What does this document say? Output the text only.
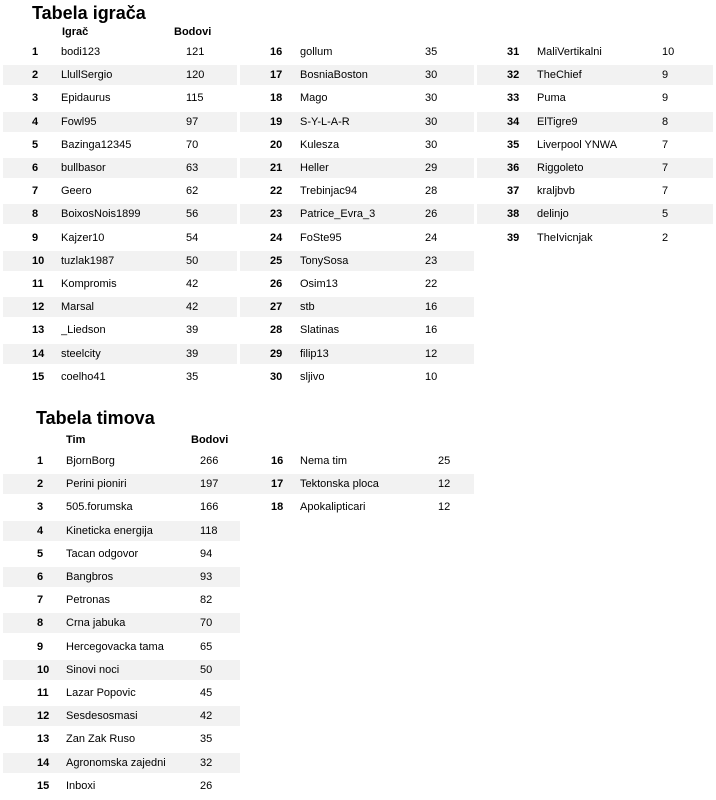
Tabela igrača
Igrač	Bodovi
1 bodi123	121
2 LlullSergio	120
3 Epidaurus	115
4 Fowl95	97
5 Bazinga12345	70
6 bullbasor	63
7 Geero	62
8 BoixosNois1899	56
9 Kajzer10	54
10 tuzlak1987	50
11 Kompromis	42
12 Marsal	42
13 _Liedson	39
14 steelcity	39
15 coelho41	35
16 gollum	35
17 BosniaBoston	30
18 Mago	30
19 S-Y-L-A-R	30
20 Kulesza	30
21 Heller	29
22 Trebinjac94	28
23 Patrice_Evra_3	26
24 FoSte95	24
25 TonySosa	23
26 Osim13	22
27 stb	16
28 Slatinas	16
29 filip13	12
30 sljivo	10
31 MaliVertikalni	10
32 TheChief	9
33 Puma	9
34 ElTigre9	8
35 Liverpool YNWA	7
36 Riggoleto	7
37 kraljbvb	7
38 delinjo	5
39 TheIvicnjak	2
Tabela timova
Tim	Bodovi
1 BjornBorg	266
2 Perini pioniri	197
3 505.forumska	166
4 Kineticka energija	118
5 Tacan odgovor	94
6 Bangbros	93
7 Petronas	82
8 Crna jabuka	70
9 Hercegovacka tama	65
10 Sinovi noci	50
11 Lazar Popovic	45
12 Sesdesosmasi	42
13 Zan Zak Ruso	35
14 Agronomska zajedni	32
15 Inboxi	26
16 Nema tim	25
17 Tektonska ploca	12
18 Apokalipticari	12
